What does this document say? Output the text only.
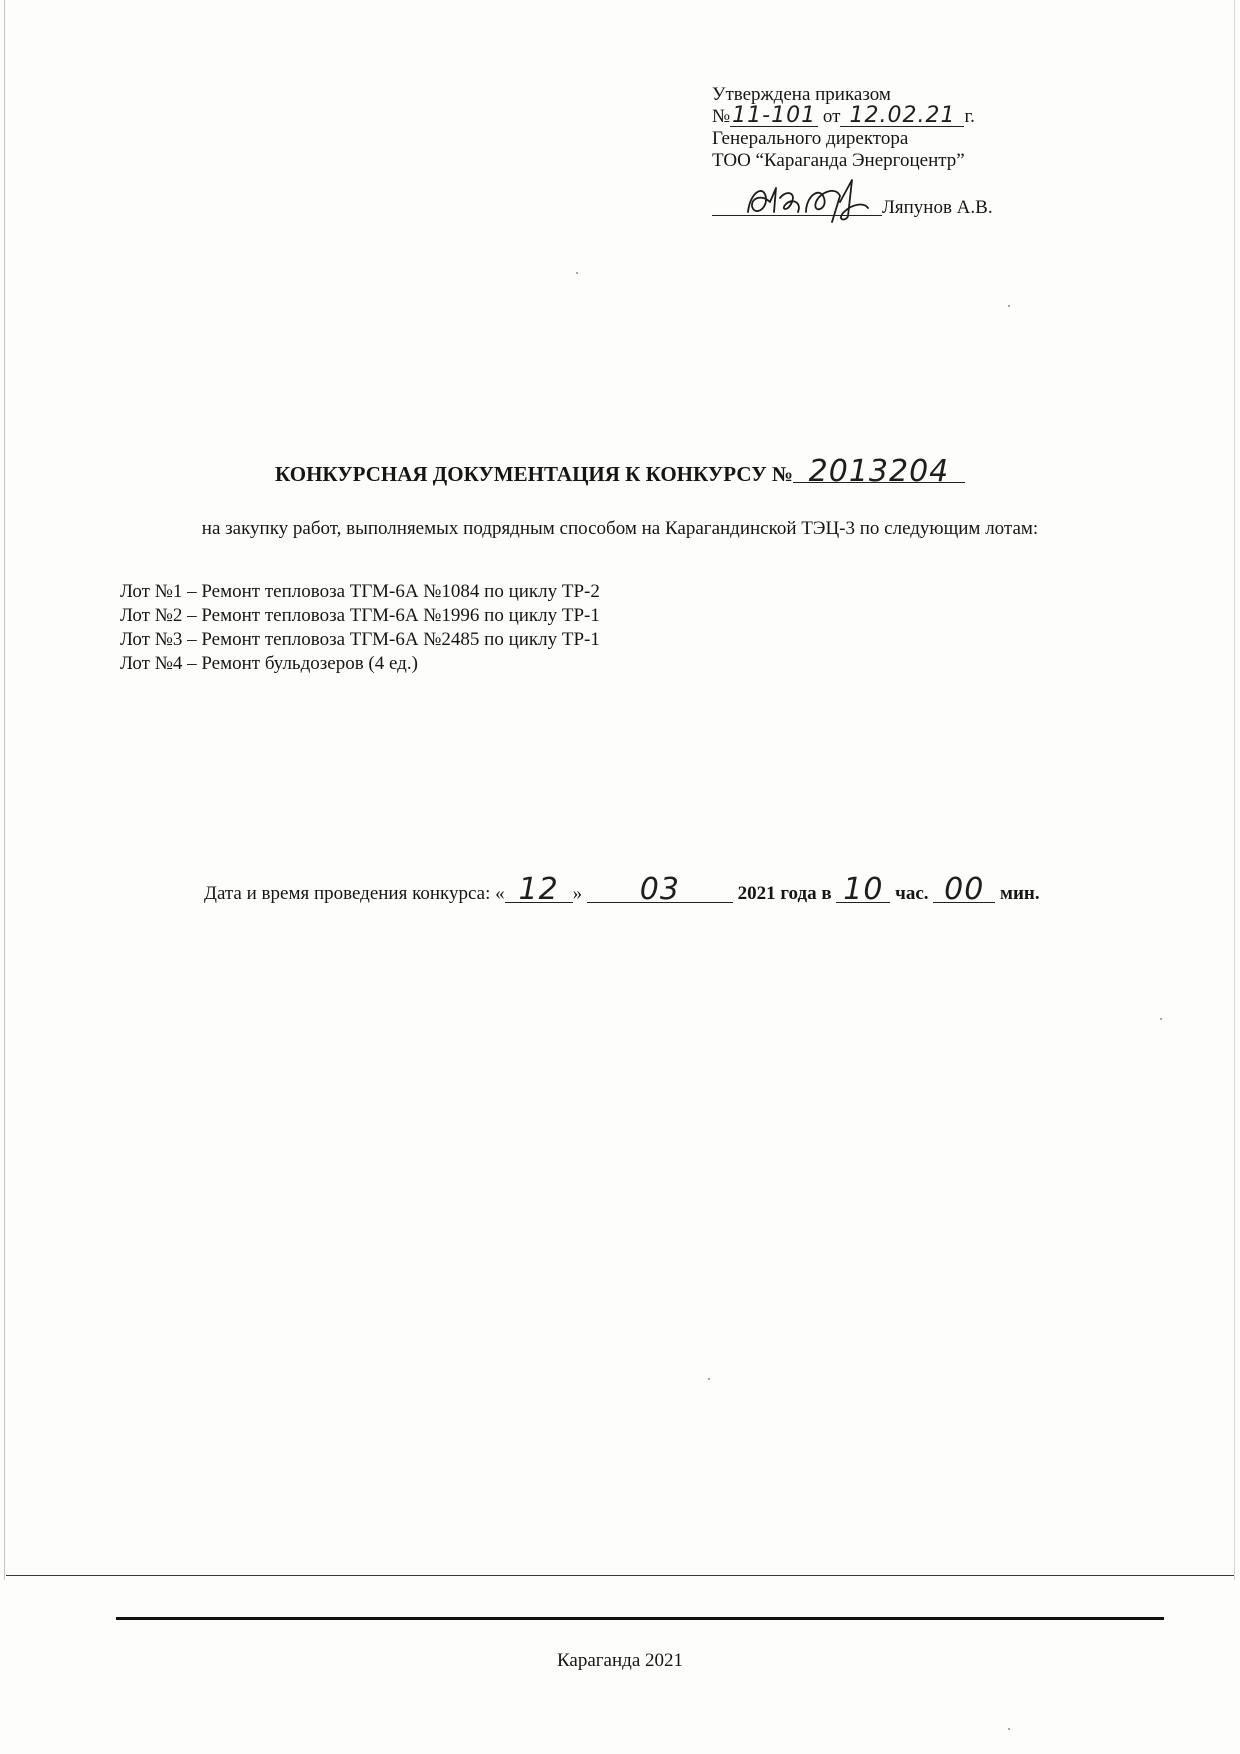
Утверждена приказом
№11-101 от 12.02.21 г.
Генерального директора
ТОО “Караганда Энергоцентр”
Ляпунов А.В.
КОНКУРСНАЯ ДОКУМЕНТАЦИЯ К КОНКУРСУ № 2013204
на закупку работ, выполняемых подрядным способом на Карагандинской ТЭЦ-3 по следующим лотам:
Лот №1 – Ремонт тепловоза ТГМ-6А №1084 по циклу ТР-2
Лот №2 – Ремонт тепловоза ТГМ-6А №1996 по циклу ТР-1
Лот №3 – Ремонт тепловоза ТГМ-6А №2485 по циклу ТР-1
Лот №4 – Ремонт бульдозеров (4 ед.)
Дата и время проведения конкурса: « 12 » 03	2021 года в 10 час. 00 мин.
Караганда 2021
